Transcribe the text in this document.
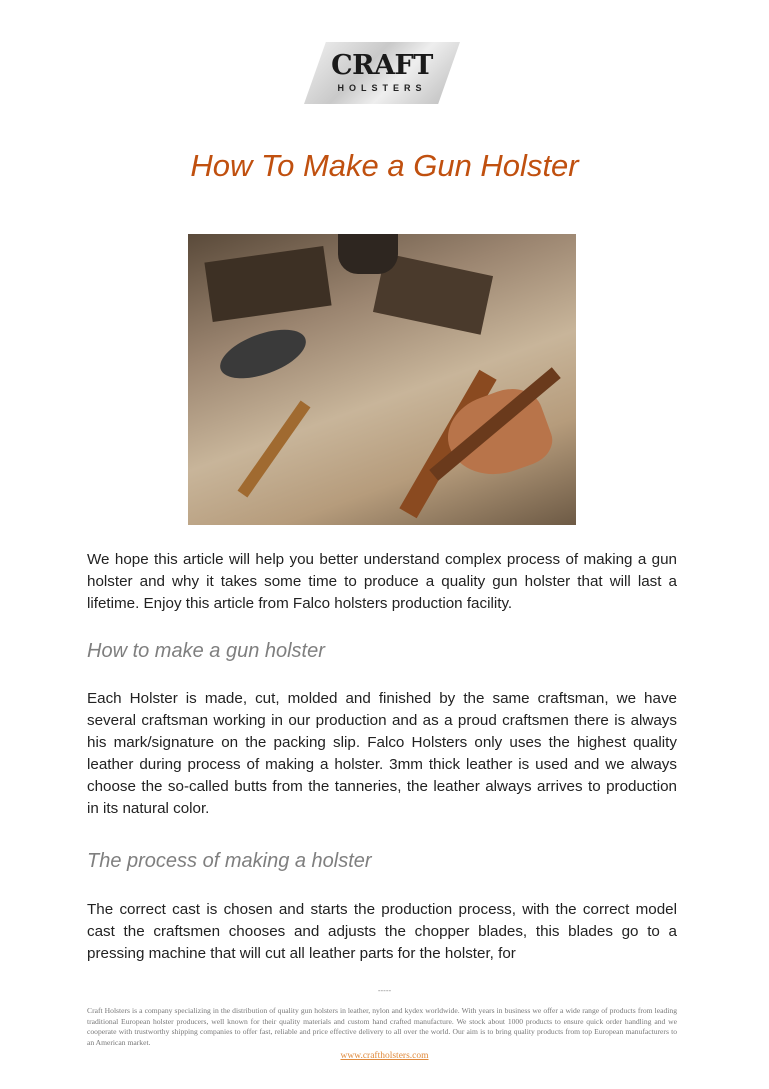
CRAFT
HOLSTERS
How To Make a Gun Holster
We hope this article will help you better understand complex process of making a gun holster and why it takes some time to produce a quality gun holster that will last a lifetime. Enjoy this article from Falco holsters production facility.
How to make a gun holster
Each Holster is made, cut, molded and finished by the same craftsman, we have several craftsman working in our production and as a proud craftsmen there is always his mark/signature on the packing slip. Falco Holsters only uses the highest quality leather during process of making a holster. 3mm thick leather is used and we always choose the so-called butts from the tanneries, the leather always arrives to production in its natural color.
The process of making a holster
The correct cast is chosen and starts the production process, with the correct model cast the craftsmen chooses and adjusts the chopper blades, this blades go to a pressing machine that will cut all leather parts for the holster, for
-----
Craft Holsters is a company specializing in the distribution of quality gun holsters in leather, nylon and kydex worldwide. With years in business we offer a wide range of products from leading traditional European holster producers, well known for their quality materials and custom hand crafted manufacture. We stock about 1000 products to ensure quick order handling and we cooperate with trustworthy shipping companies to offer fast, reliable and price effective delivery to all over the world. Our aim is to bring quality products from top European manufacturers to an American market.
www.craftholsters.com
